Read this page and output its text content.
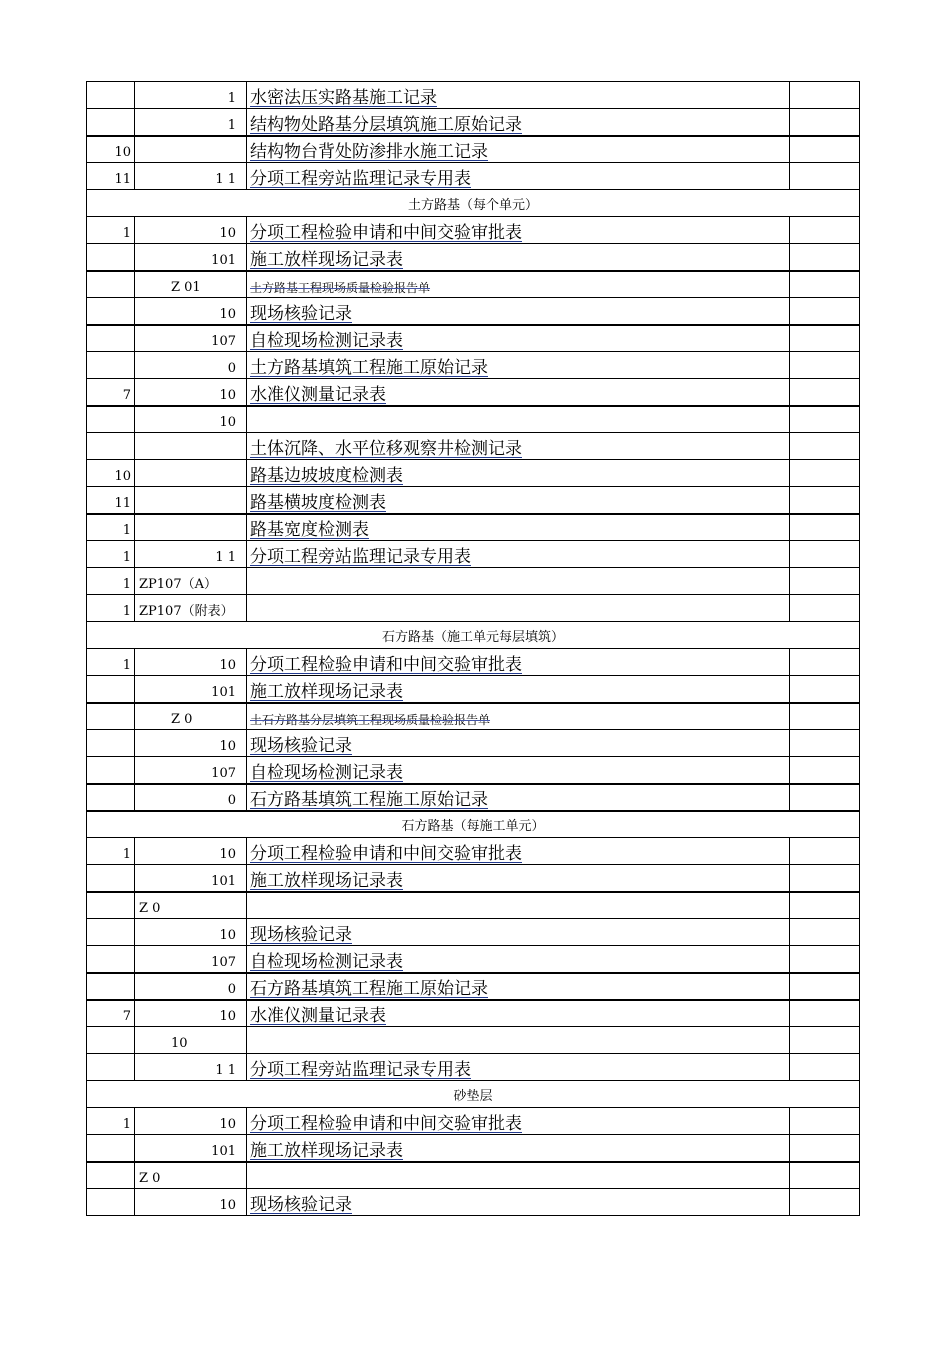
	1	水密法压实路基施工记录	

	1	结构物处路基分层填筑施工原始记录	
10		结构物台背处防渗排水施工记录	
11	1 1	分项工程旁站监理记录专用表	
土方路基（每个单元）			
1	10	分项工程检验申请和中间交验审批表	

	101	施工放样现场记录表	

	Z 01	土方路基工程现场质量检验报告单	

	10	现场核验记录	

	107	自检现场检测记录表	

	0	土方路基填筑工程施工原始记录	
7	10	水准仪测量记录表	

	10		

	土体沉降、水平位移观察井检测记录	
10		路基边坡坡度检测表	
11		路基横坡度检测表	
1		路基宽度检测表	
1	1 1	分项工程旁站监理记录专用表	
1	ZP107（A）		

1	ZP107（附表）		

石方路基（施工单元每层填筑）			
1	10	分项工程检验申请和中间交验审批表	

	101	施工放样现场记录表	

	Z 0	土石方路基分层填筑工程现场质量检验报告单	

	10	现场核验记录	

	107	自检现场检测记录表	

	0	石方路基填筑工程施工原始记录	
石方路基（每施工单元）			
1	10	分项工程检验申请和中间交验审批表	

	101	施工放样现场记录表	

	Z 0		

	10	现场核验记录	

	107	自检现场检测记录表	

	0	石方路基填筑工程施工原始记录	
7	10	水准仪测量记录表	

	10		

	1 1	分项工程旁站监理记录专用表	
砂垫层			
1	10	分项工程检验申请和中间交验审批表	

	101	施工放样现场记录表	

	Z 0		

	10	现场核验记录	
